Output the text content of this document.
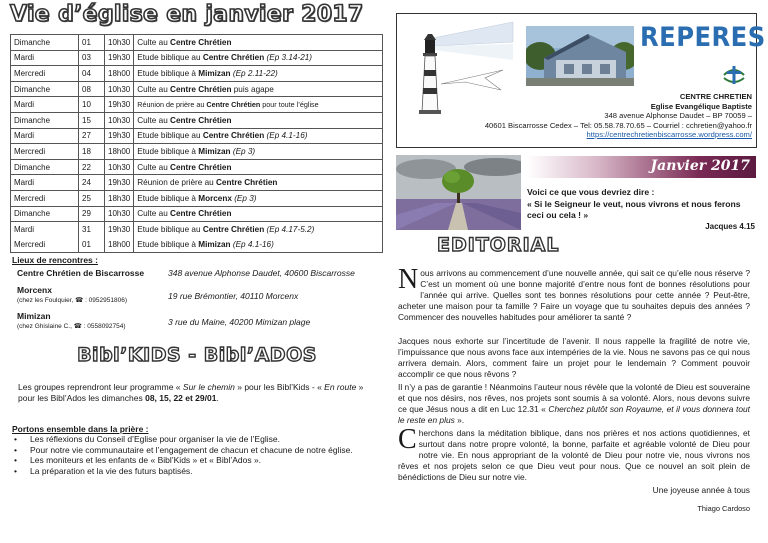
Vie d’église en janvier 2017
Dimanche	01	10h30	Culte au Centre Chrétien
Mardi	03	19h30	Etude biblique au Centre Chrétien (Ep 3.14-21)
Mercredi	04	18h00	Etude biblique à Mimizan (Ep 2.11-22)
Dimanche	08	10h30	Culte au Centre Chrétien puis agape
Mardi	10	19h30	Réunion de prière au Centre Chrétien pour toute l’église
Dimanche	15	10h30	Culte au Centre Chrétien
Mardi	27	19h30	Etude biblique au Centre Chrétien (Ep 4.1-16)
Mercredi	18	18h00	Etude biblique à Mimizan (Ep 3)
Dimanche	22	10h30	Culte au Centre Chrétien
Mardi	24	19h30	Réunion de prière au Centre Chrétien
Mercredi	25	18h30	Etude biblique à Morcenx (Ep 3)
Dimanche	29	10h30	Culte au Centre Chrétien
Mardi	31	19h30	Etude biblique au Centre Chrétien (Ep 4.17-5.2)
Mercredi	01	18h00	Etude biblique à Mimizan (Ep 4.1-16)
Lieux de rencontres :
Centre Chrétien de Biscarrosse	348 avenue Alphonse Daudet, 40600 Biscarrosse
Morcenx
(chez les Foulquier, ☎ : 0952951806)	19 rue Brémontier, 40110 Morcenx
Mimizan
(chez Ghislaine C., ☎ : 0558092754)	3 rue du Maine, 40200 Mimizan plage
Bibl’KIDS - Bibl’ADOS
Les groupes reprendront leur programme « Sur le chemin » pour les Bibl’Kids - « En route » pour les Bibl’Ados les dimanches 08, 15, 22 et 29/01.
Portons ensemble dans la prière :
• Les réflexions du Conseil d’Eglise pour organiser la vie de l’Eglise.
• Pour notre vie communautaire et l’engagement de chacun et chacune de notre église.
• Les moniteurs et les enfants de « Bibl’Kids » et « Bibl’Ados ».
• La préparation et la vie des futurs baptisés.
REPERES
CENTRE CHRETIEN
Eglise Evangélique Baptiste
348 avenue Alphonse Daudet – BP 70059 –
40601 Biscarrosse Cedex – Tel: 05.58.78.70.65 – Courriel : cchretien@yahoo.fr
https://centrechretienbiscarrosse.wordpress.com/
Janvier 2017
Voici ce que vous devriez dire :
« Si le Seigneur le veut, nous vivrons et nous ferons ceci ou cela ! »
Jacques 4.15
EDITORIAL
Nous arrivons au commencement d’une nouvelle année, qui sait ce qu’elle nous réserve ? C’est un moment où une bonne majorité d’entre nous font de bonnes résolutions pour l’année qui arrive. Quelles sont tes bonnes résolutions pour cette année ? Peut-être, acheter une maison pour ta famille ? Faire un voyage que tu souhaites depuis des années ? Commencer des nouvelles habitudes pour améliorer ta santé ?
Jacques nous exhorte sur l’incertitude de l’avenir. Il nous rappelle la fragilité de notre vie, l’impuissance que nous avons face aux intempéries de la vie. Nous ne savons pas ce qui nous arrivera demain. Alors, comment faire un projet pour le lendemain ? Comment pouvoir accomplir ce que nous rêvons ?
Il n’y a pas de garantie ! Néanmoins l’auteur nous révèle que la volonté de Dieu est souveraine et que nos désirs, nos rêves, nos projets sont soumis à sa volonté. Alors, nous devons suivre ce que Jésus nous a dit en Luc 12.31 « Cherchez plutôt son Royaume, et il vous donnera tout le reste en plus ».
Cherchons dans la méditation biblique, dans nos prières et nos actions quotidiennes, et surtout dans notre propre volonté, la bonne, parfaite et agréable volonté de Dieu pour notre vie. En nous appropriant de la volonté de Dieu pour notre vie, nous vivrons nos rêves et nos projets selon ce que Dieu veut pour nous. Que ce nouvel an soit plein de bénédictions de Dieu sur notre vie.
Une joyeuse année à tous
Thiago Cardoso
